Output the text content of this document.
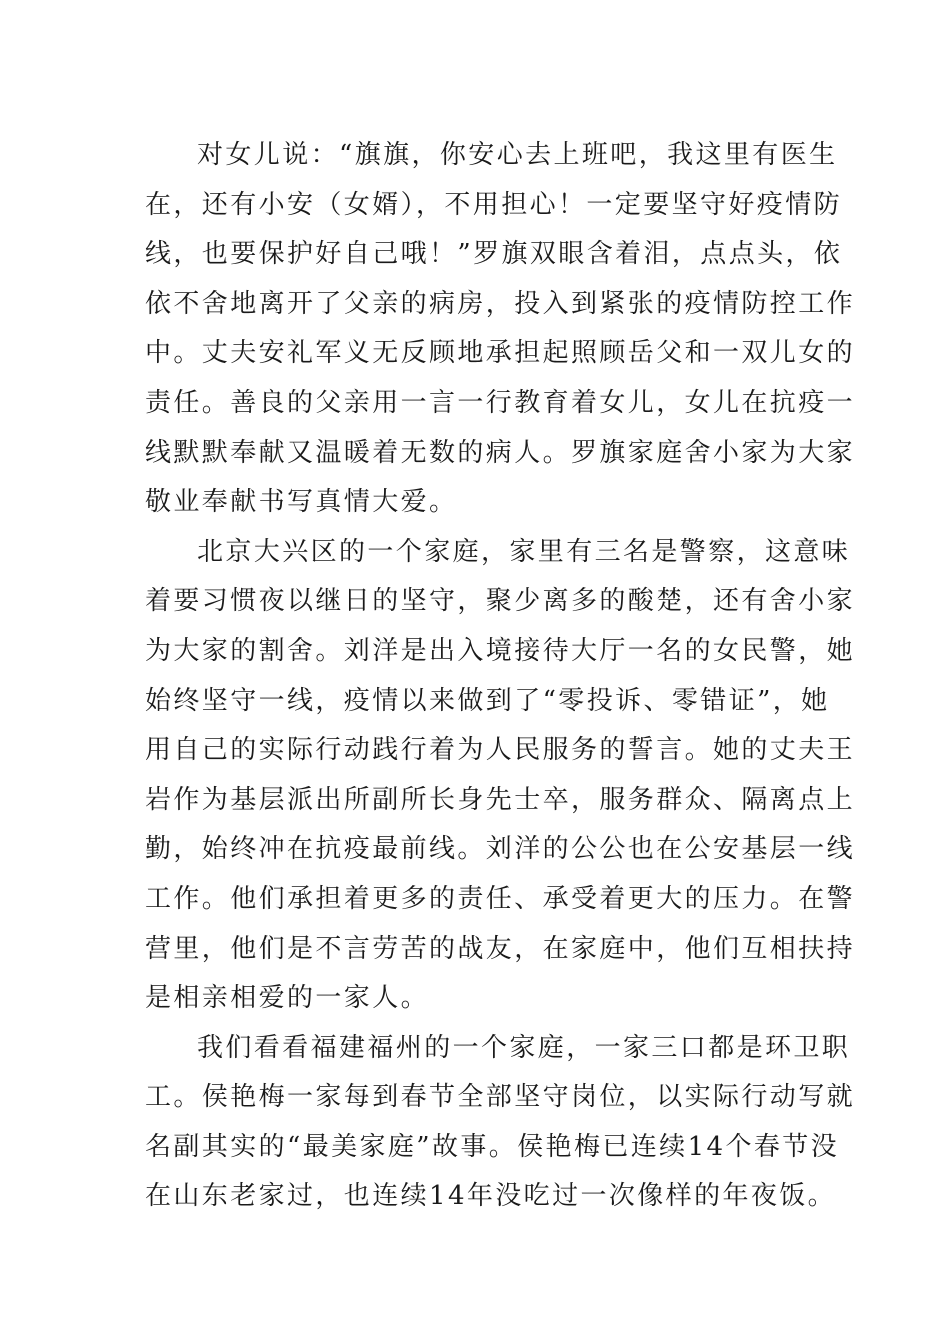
对女儿说：“旗旗，你安心去上班吧，我这里有医生
在，还有小安（女婿），不用担心！一定要坚守好疫情防
线，也要保护好自己哦！”罗旗双眼含着泪，点点头，依
依不舍地离开了父亲的病房，投入到紧张的疫情防控工作
中。丈夫安礼军义无反顾地承担起照顾岳父和一双儿女的
责任。善良的父亲用一言一行教育着女儿，女儿在抗疫一
线默默奉献又温暖着无数的病人。罗旗家庭舍小家为大家
敬业奉献书写真情大爱。
北京大兴区的一个家庭，家里有三名是警察，这意味
着要习惯夜以继日的坚守，聚少离多的酸楚，还有舍小家
为大家的割舍。刘洋是出入境接待大厅一名的女民警，她
始终坚守一线，疫情以来做到了“零投诉、零错证”，她
用自己的实际行动践行着为人民服务的誓言。她的丈夫王
岩作为基层派出所副所长身先士卒，服务群众、隔离点上
勤，始终冲在抗疫最前线。刘洋的公公也在公安基层一线
工作。他们承担着更多的责任、承受着更大的压力。在警
营里，他们是不言劳苦的战友，在家庭中，他们互相扶持
是相亲相爱的一家人。
我们看看福建福州的一个家庭，一家三口都是环卫职
工。侯艳梅一家每到春节全部坚守岗位，以实际行动写就
名副其实的“最美家庭”故事。侯艳梅已连续14个春节没
在山东老家过，也连续14年没吃过一次像样的年夜饭。
